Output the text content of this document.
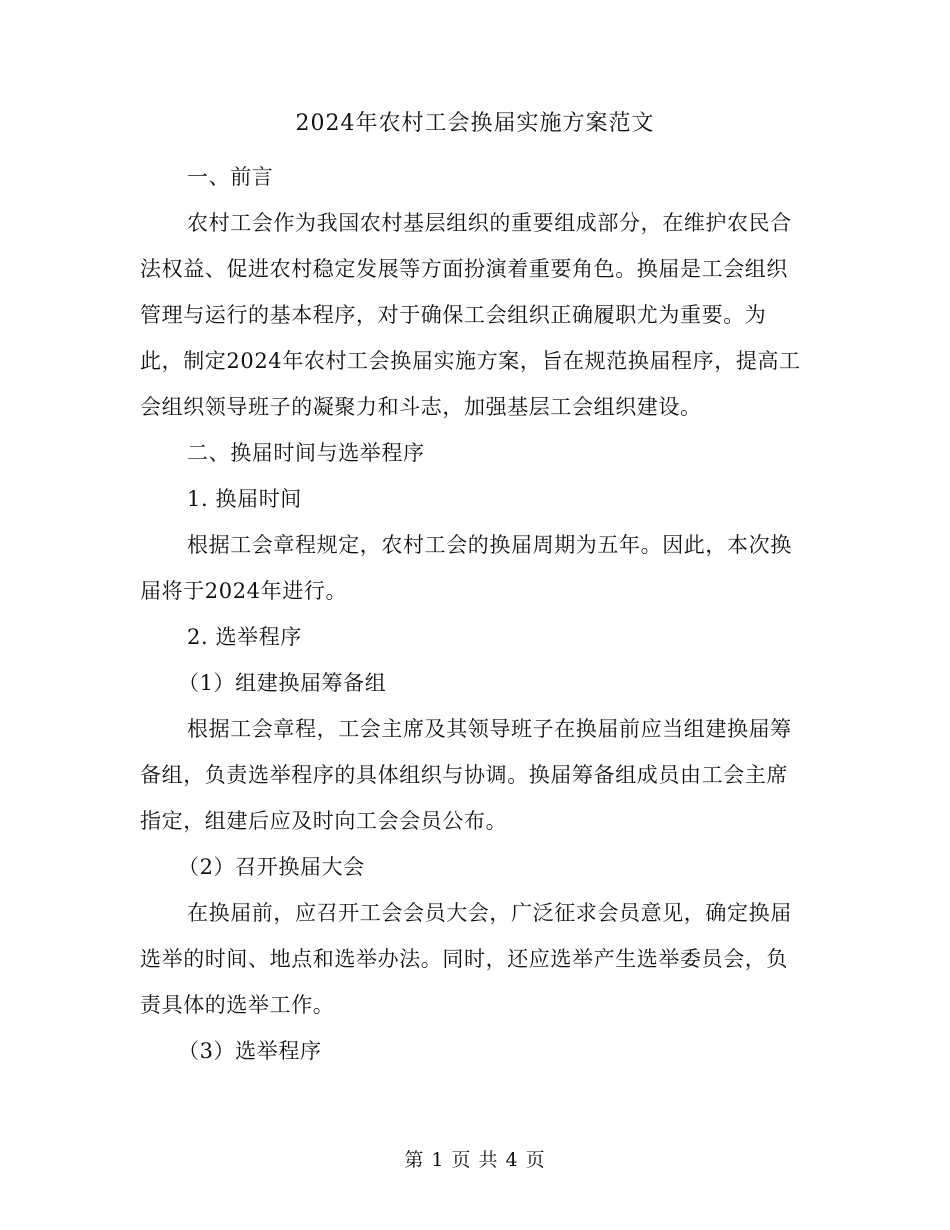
2024年农村工会换届实施方案范文

一、前言

农村工会作为我国农村基层组织的重要组成部分，在维护农民合法权益、促进农村稳定发展等方面扮演着重要角色。换届是工会组织管理与运行的基本程序，对于确保工会组织正确履职尤为重要。为此，制定2024年农村工会换届实施方案，旨在规范换届程序，提高工会组织领导班子的凝聚力和斗志，加强基层工会组织建设。

二、换届时间与选举程序

1. 换届时间

根据工会章程规定，农村工会的换届周期为五年。因此，本次换届将于2024年进行。

2. 选举程序

（1）组建换届筹备组

根据工会章程，工会主席及其领导班子在换届前应当组建换届筹备组，负责选举程序的具体组织与协调。换届筹备组成员由工会主席指定，组建后应及时向工会会员公布。

（2）召开换届大会

在换届前，应召开工会会员大会，广泛征求会员意见，确定换届选举的时间、地点和选举办法。同时，还应选举产生选举委员会，负责具体的选举工作。

（3）选举程序

第 1 页 共 4 页
